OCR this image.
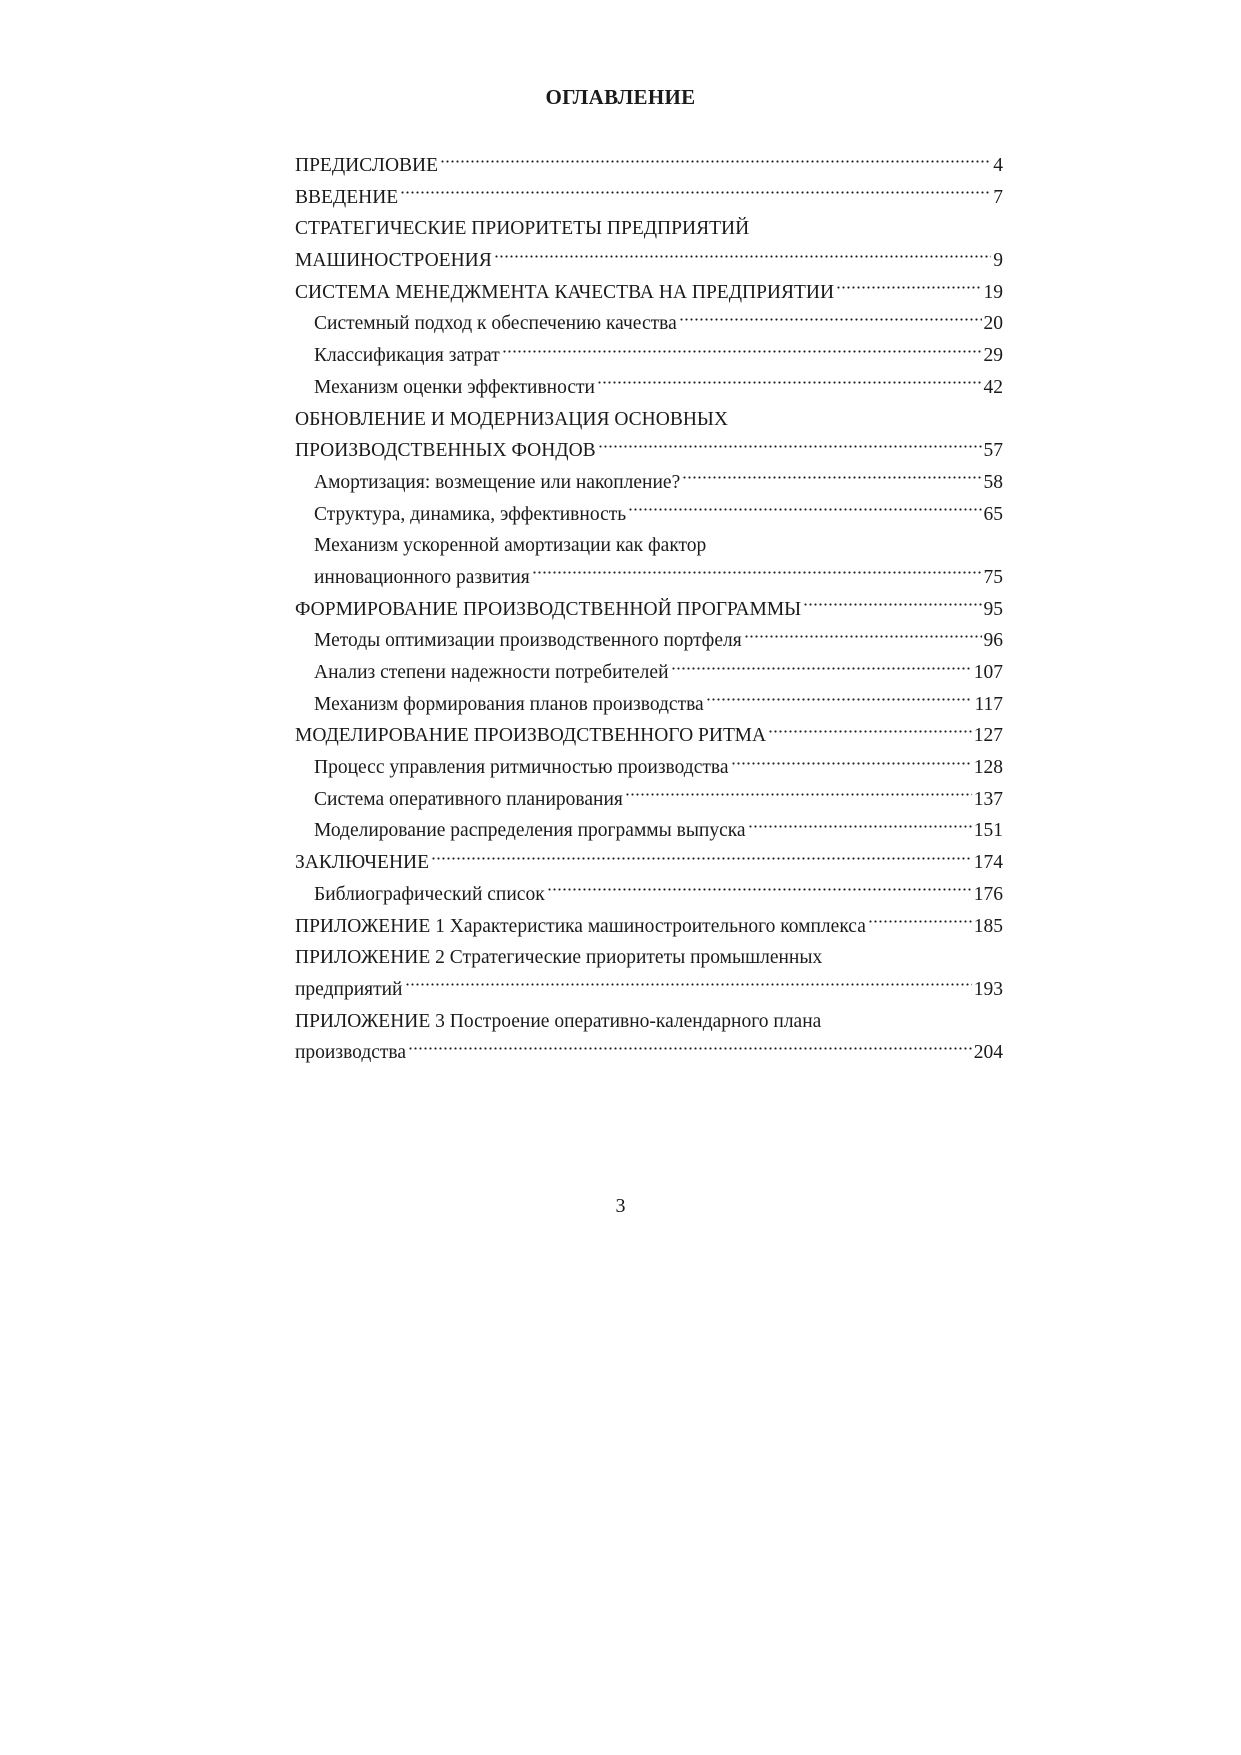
ОГЛАВЛЕНИЕ
ПРЕДИСЛОВИЕ	4
ВВЕДЕНИЕ	7
СТРАТЕГИЧЕСКИЕ ПРИОРИТЕТЫ ПРЕДПРИЯТИЙ
МАШИНОСТРОЕНИЯ	9
СИСТЕМА МЕНЕДЖМЕНТА КАЧЕСТВА НА ПРЕДПРИЯТИИ	19
Системный подход к обеспечению качества	20
Классификация затрат	29
Механизм оценки эффективности	42
ОБНОВЛЕНИЕ И МОДЕРНИЗАЦИЯ ОСНОВНЫХ
ПРОИЗВОДСТВЕННЫХ ФОНДОВ	57
Амортизация: возмещение или накопление?	58
Структура, динамика, эффективность	65
Механизм ускоренной амортизации как фактор
инновационного развития	75
ФОРМИРОВАНИЕ ПРОИЗВОДСТВЕННОЙ ПРОГРАММЫ	95
Методы оптимизации производственного портфеля	96
Анализ степени надежности потребителей	107
Механизм формирования планов производства	117
МОДЕЛИРОВАНИЕ ПРОИЗВОДСТВЕННОГО РИТМА	127
Процесс управления ритмичностью производства	128
Система оперативного планирования	137
Моделирование распределения программы выпуска	151
ЗАКЛЮЧЕНИЕ	174
Библиографический список	176
ПРИЛОЖЕНИЕ 1 Характеристика машиностроительного комплекса	185
ПРИЛОЖЕНИЕ 2 Стратегические приоритеты промышленных
предприятий	193
ПРИЛОЖЕНИЕ 3 Построение оперативно-календарного плана
производства	204
3
